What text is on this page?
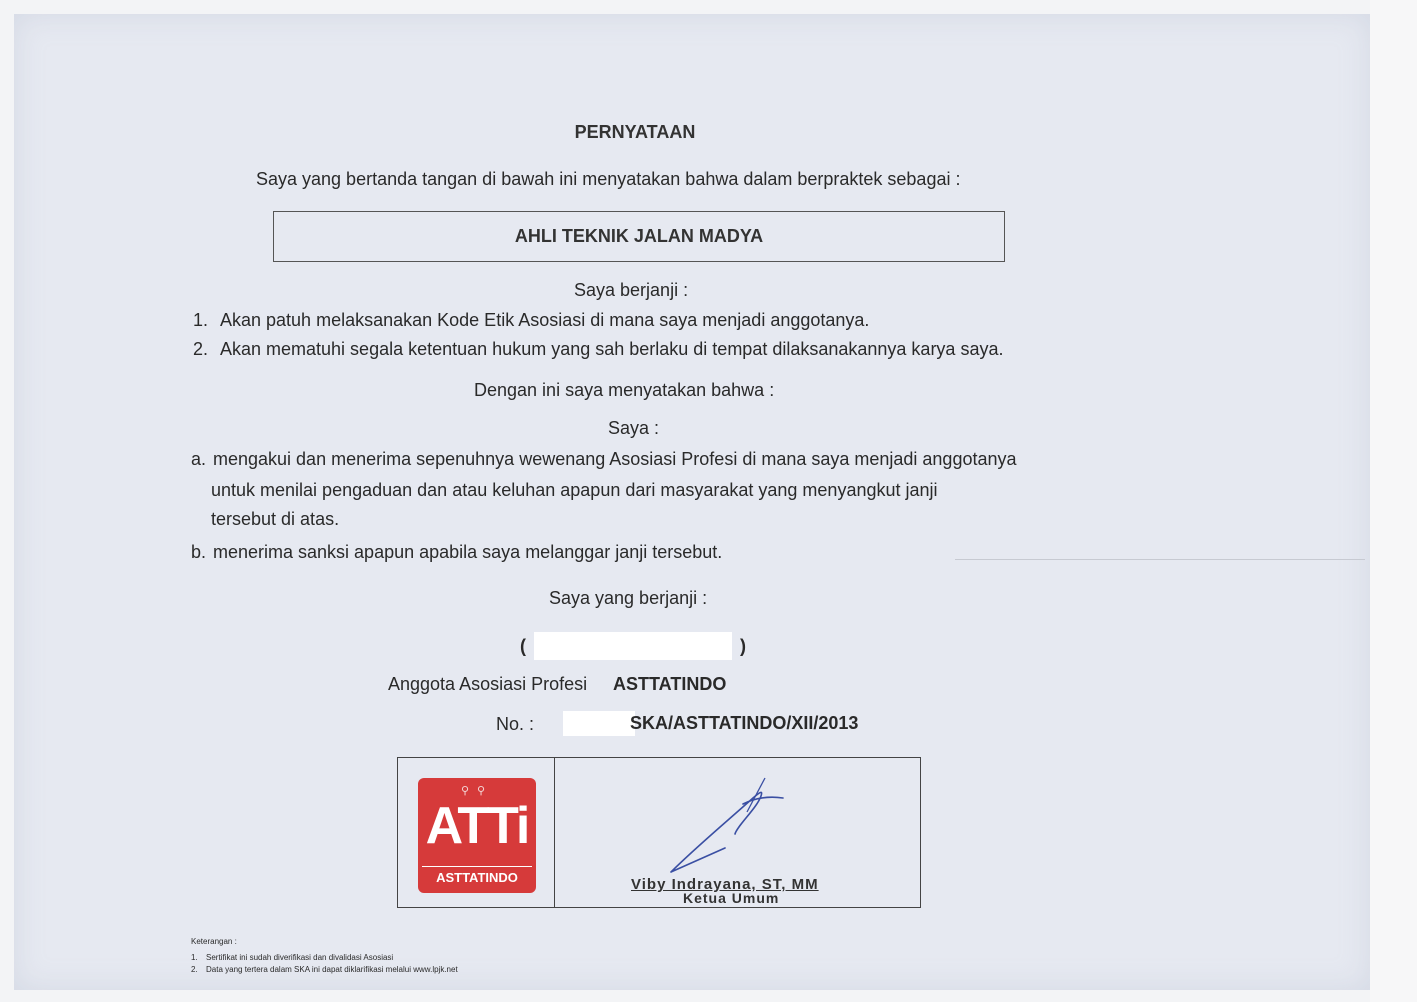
PERNYATAAN
Saya yang bertanda tangan di bawah ini menyatakan bahwa dalam berpraktek sebagai :
AHLI TEKNIK JALAN MADYA
Saya berjanji :
1. Akan patuh melaksanakan Kode Etik Asosiasi di mana saya menjadi anggotanya.
2. Akan mematuhi segala ketentuan hukum yang sah berlaku di tempat dilaksanakannya karya saya.
Dengan ini saya menyatakan bahwa :
Saya :
a. mengakui dan menerima sepenuhnya wewenang Asosiasi Profesi di mana saya menjadi anggotanya
untuk menilai pengaduan dan atau keluhan apapun dari masyarakat yang menyangkut janji
tersebut di atas.
b. menerima sanksi apapun apabila saya melanggar janji tersebut.
Saya yang berjanji :
(	)
Anggota Asosiasi Profesi ASTTATINDO
No. :	SKA/ASTTATINDO/XII/2013
⚲⚲
ATTi
ASTTATINDO	Viby Indrayana, ST, MM
Ketua Umum
Keterangan :
1. Sertifikat ini sudah diverifikasi dan divalidasi Asosiasi
2. Data yang tertera dalam SKA ini dapat diklarifikasi melalui www.lpjk.net
